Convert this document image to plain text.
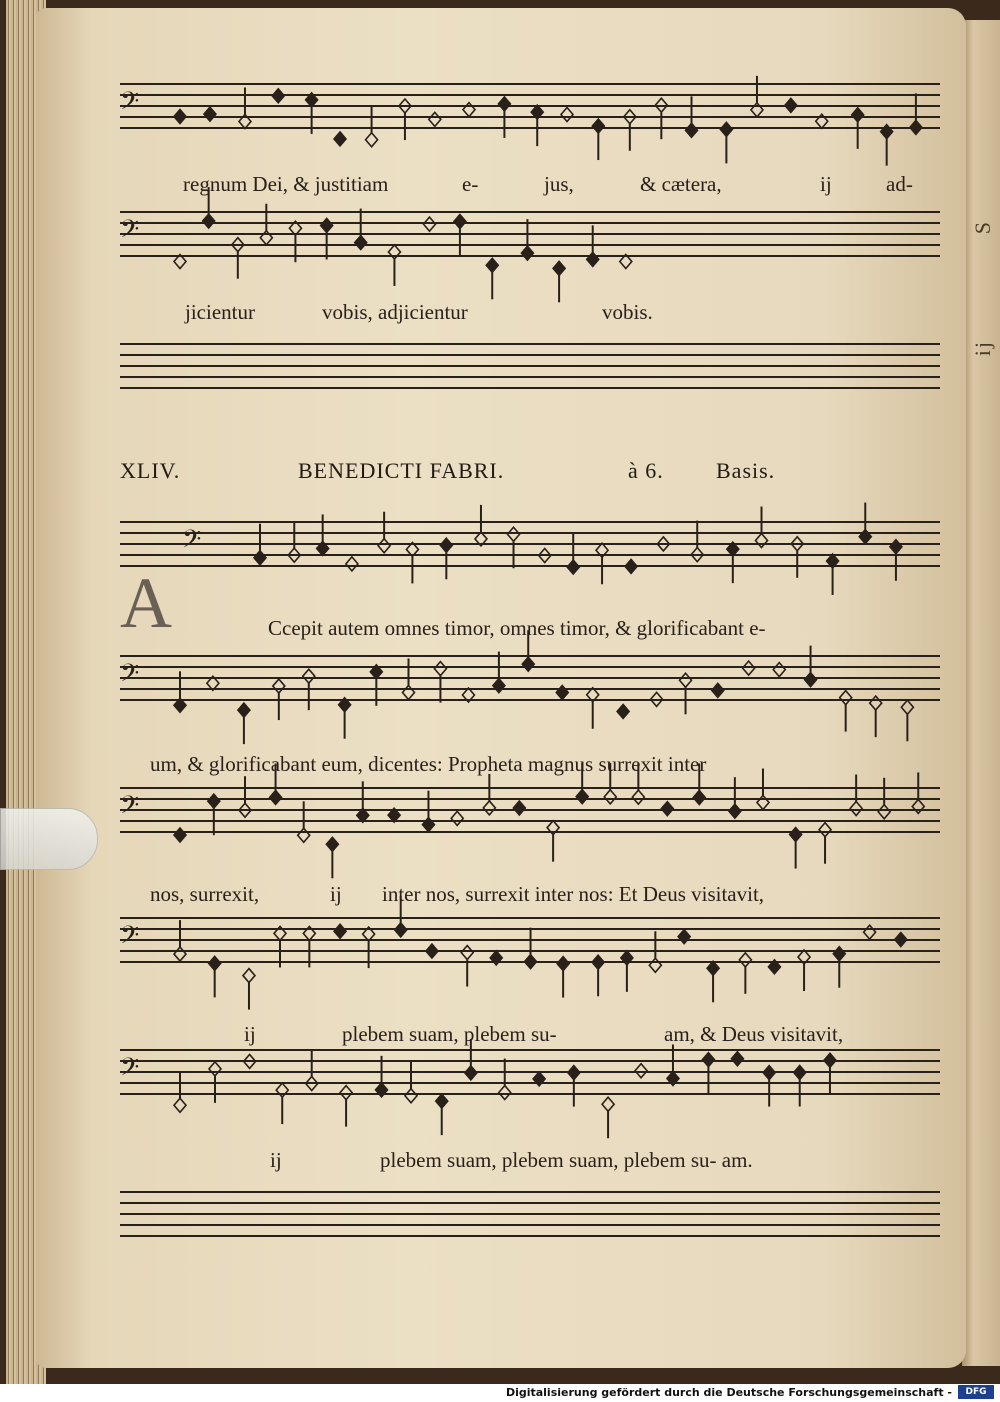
S
ij
𝄢
𝄢
𝄢
𝄢
𝄢
𝄢
𝄢
regnum Dei, & justitiam	e-	jus,	& cætera,	ij	ad-
jicientur	vobis, adjicientur	vobis.
XLIV.	BENEDICTI FABRI.	à 6. Basis.
A	Ccepit autem omnes timor, omnes timor, & glorificabant e-
um, & glorificabant eum, dicentes: Propheta magnus surrexit inter
nos, surrexit,	ij inter nos, surrexit inter nos: Et Deus visitavit,
ij	plebem suam, plebem su-	am, & Deus visitavit,
ij	plebem suam, plebem suam, plebem su- am.
Digitalisierung gefördert durch die Deutsche Forschungsgemeinschaft -	DFG
